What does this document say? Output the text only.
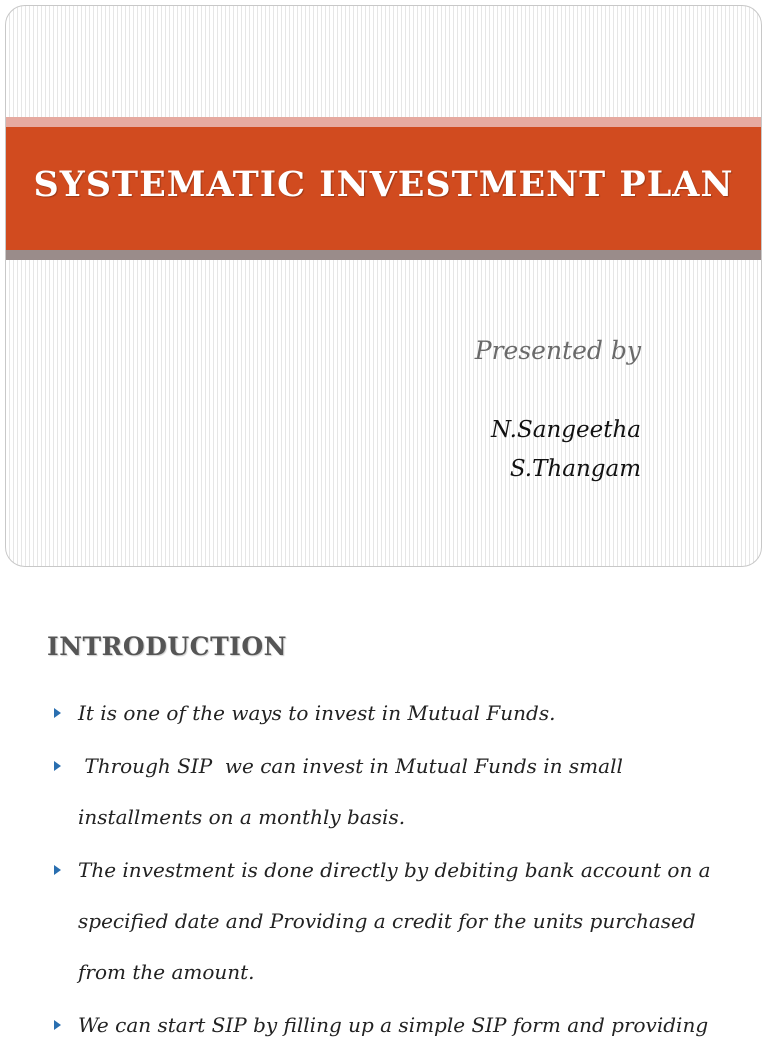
SYSTEMATIC INVESTMENT PLAN
Presented by
N.Sangeetha
S.Thangam
INTRODUCTION
It is one of the ways to invest in Mutual Funds.
Through SIP  we can invest in Mutual Funds in small installments on a monthly basis.
The investment is done directly by debiting bank account on a specified date and Providing a credit for the units purchased from the amount.
We can start SIP by filling up a simple SIP form and providing
